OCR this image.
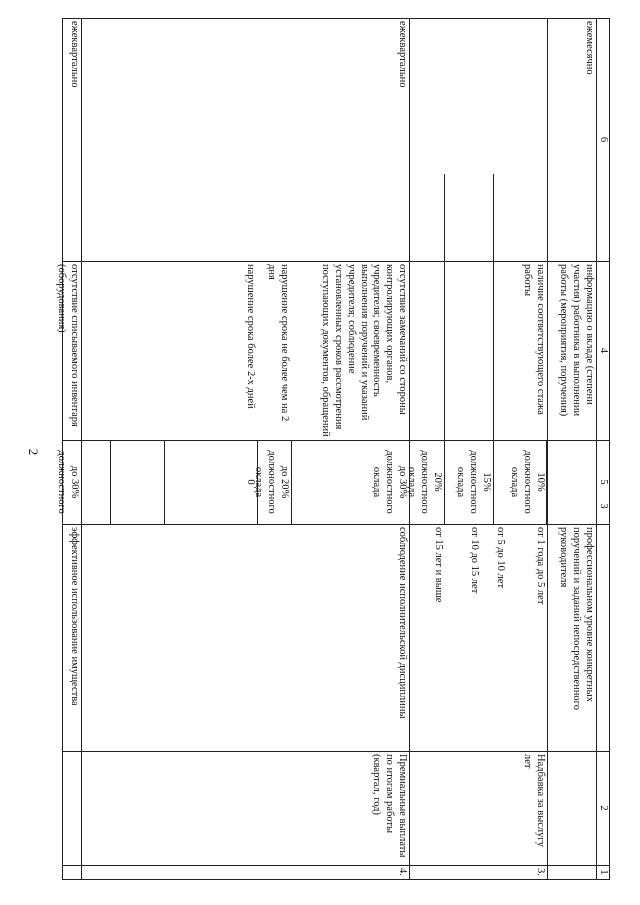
2
1
2
3
5
4
6
профессиональном уровне конкретных поручений и заданий непосредственного руководителя
информацию о вкладе (степени участия) работника в выполнении работы (мероприятия, поручения)
ежемесячно
3.
Надбавка за выслугу лет
от 1 года до 5 лет
от 5 до 10 лет
от 10 до 15 лет
от 15 лет и выше
наличие соответствующего стажа работы
10% должностного оклада
15% должностного оклада
20% должностного оклада
4.
Премиальные выплаты по итогам работы (квартал, год)
соблюдение исполнительской дисциплины
отсутствие замечаний со стороны контролирующих органов, учредителя; своевременность выполнения поручений и указаний учредителя; соблюдение установленных сроков рассмотрения поступающих документов, обращений
нарушение срока не более чем на 2 дня
нарушение срока более 2-х дней
до 30% должностного оклада
до 20% должностного оклада
0
ежеквартально
эффективное использование имущества
отсутствие списываемого инвентаря (оборудования)
до 30% должностного
ежеквартально
